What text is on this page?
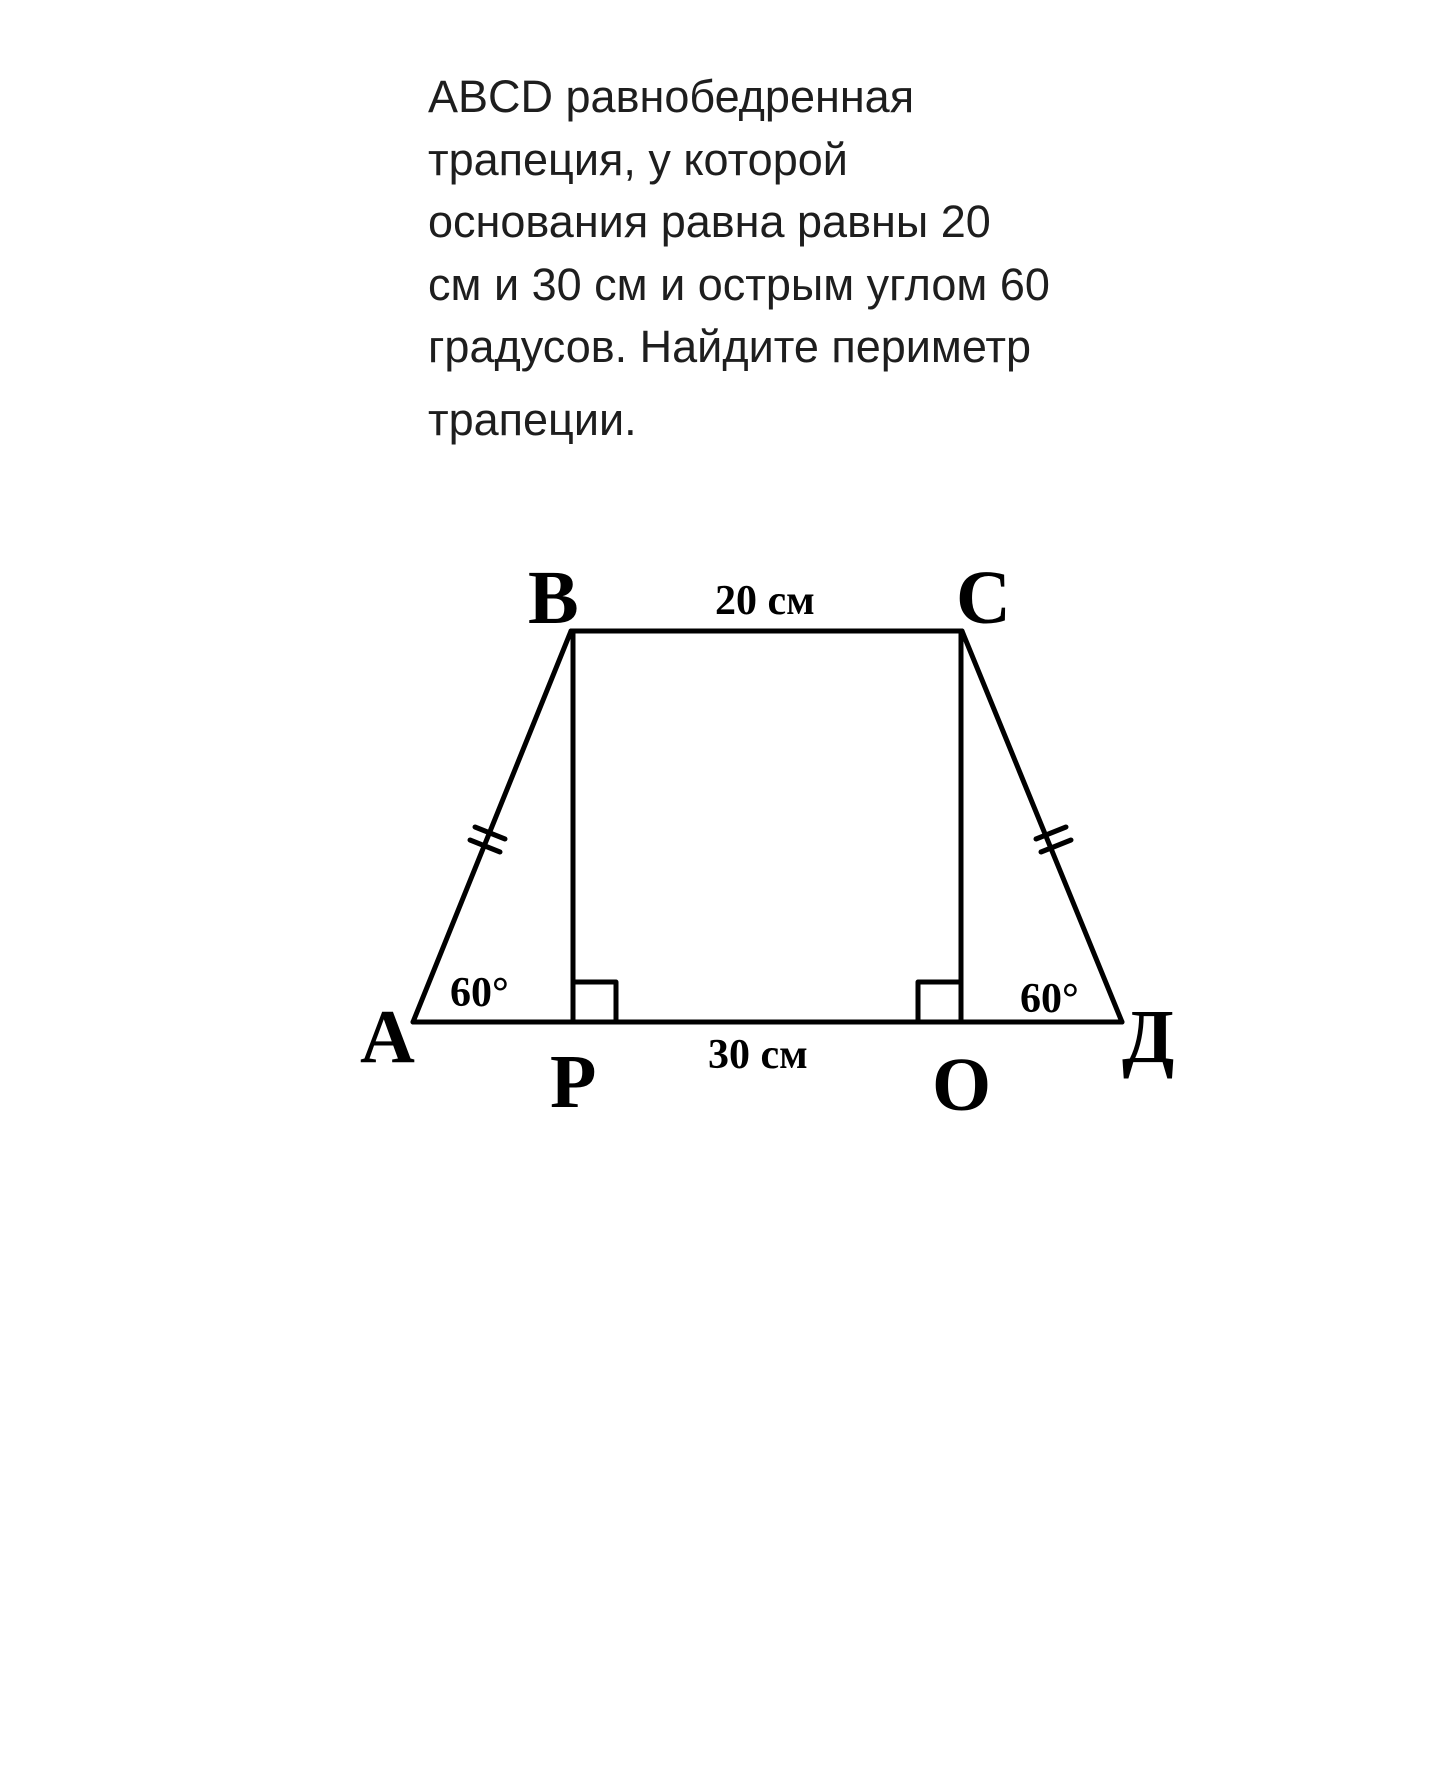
ABCD равнобедренная
трапеция, у которой
основания равна равны 20
см и 30 см и острым углом 60
градусов. Найдите периметр
трапеции.
B	C
A
P	O
Д
20 см
30 см
60°	60°
